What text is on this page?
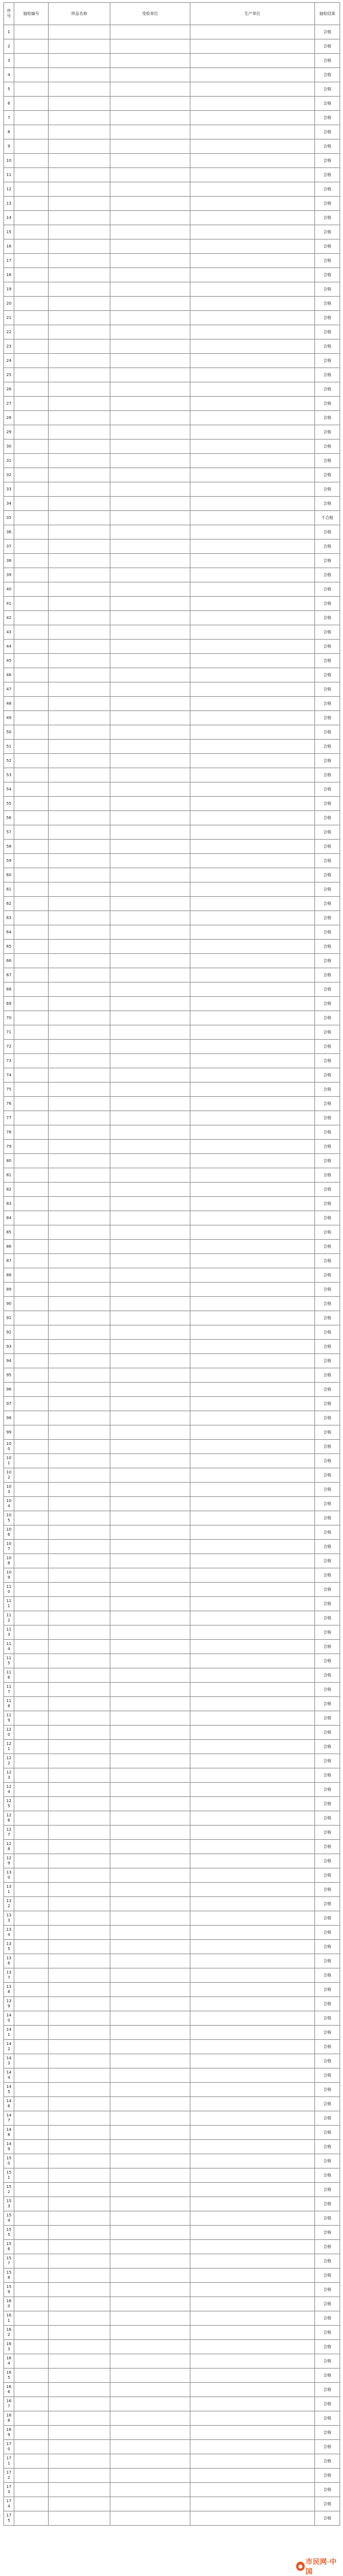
序号	抽检编号	样品名称	受检单位	生产单位	抽检结果
1					合格
2					合格
3					合格
4					合格
5					合格
6					合格
7					合格
8					合格
9					合格
10					合格
11					合格
12					合格
13					合格
14					合格
15					合格
16					合格
17					合格
18					合格
19					合格
20					合格
21					合格
22					合格
23					合格
24					合格
25					合格
26					合格
27					合格
28					合格
29					合格
30					合格
31					合格
32					合格
33					合格
34					合格
35					不合格
36					合格
37					合格
38					合格
39					合格
40					合格
41					合格
42					合格
43					合格
44					合格
45					合格
46					合格
47					合格
48					合格
49					合格
50					合格
51					合格
52					合格
53					合格
54					合格
55					合格
56					合格
57					合格
58					合格
59					合格
60					合格
61					合格
62					合格
63					合格
64					合格
65					合格
66					合格
67					合格
68					合格
69					合格
70					合格
71					合格
72					合格
73					合格
74					合格
75					合格
76					合格
77					合格
78					合格
79					合格
80					合格
81					合格
82					合格
83					合格
84					合格
85					合格
86					合格
87					合格
88					合格
89					合格
90					合格
91					合格
92					合格
93					合格
94					合格
95					合格
96					合格
97					合格
98					合格
99					合格
100					合格
101					合格
102					合格
103					合格
104					合格
105					合格
106					合格
107					合格
108					合格
109					合格
110					合格
111					合格
112					合格
113					合格
114					合格
115					合格
116					合格
117					合格
118					合格
119					合格
120					合格
121					合格
122					合格
123					合格
124					合格
125					合格
126					合格
127					合格
128					合格
129					合格
130					合格
131					合格
132					合格
133					合格
134					合格
135					合格
136					合格
137					合格
138					合格
139					合格
140					合格
141					合格
142					合格
143					合格
144					合格
145					合格
146					合格
147					合格
148					合格
149					合格
150					合格
151					合格
152					合格
153					合格
154					合格
155					合格
156					合格
157					合格
158					合格
159					合格
160					合格
161					合格
162					合格
163					合格
164					合格
165					合格
166					合格
167					合格
168					合格
169					合格
170					合格
171					合格
172					合格
173					合格
174					合格
175					合格
市民网·中国
